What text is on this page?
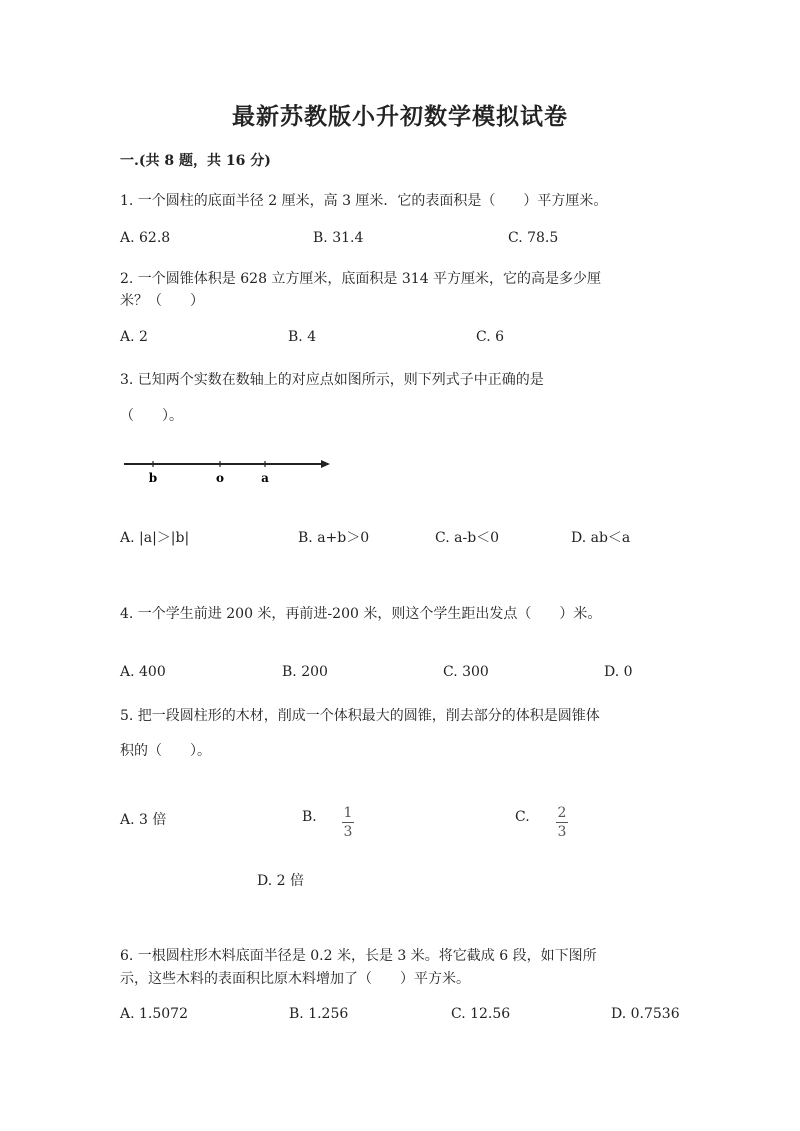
最新苏教版小升初数学模拟试卷
一.(共 8 题，共 16 分)
1. 一个圆柱的底面半径 2 厘米，高 3 厘米．它的表面积是（　　）平方厘米。
A. 62.8	B. 31.4	C. 78.5
2. 一个圆锥体积是 628 立方厘米，底面积是 314 平方厘米，它的高是多少厘
米？（　　）
A. 2	B. 4	C. 6
3. 已知两个实数在数轴上的对应点如图所示，则下列式子中正确的是
（　　）。
b	o	a
A. |a|＞|b|	B. a+b＞0	C. a-b＜0	D. ab＜a
4. 一个学生前进 200 米，再前进-200 米，则这个学生距出发点（　　）米。
A. 400	B. 200	C. 300	D. 0
5. 把一段圆柱形的木材，削成一个体积最大的圆锥，削去部分的体积是圆锥体
积的（　　）。
A. 3 倍	B. $\frac{1}{3}$	C. $\frac{2}{3}$
D. 2 倍
6. 一根圆柱形木料底面半径是 0.2 米，长是 3 米。将它截成 6 段，如下图所
示，这些木料的表面积比原木料增加了（　　）平方米。
A. 1.5072	B. 1.256	C. 12.56	D. 0.7536
